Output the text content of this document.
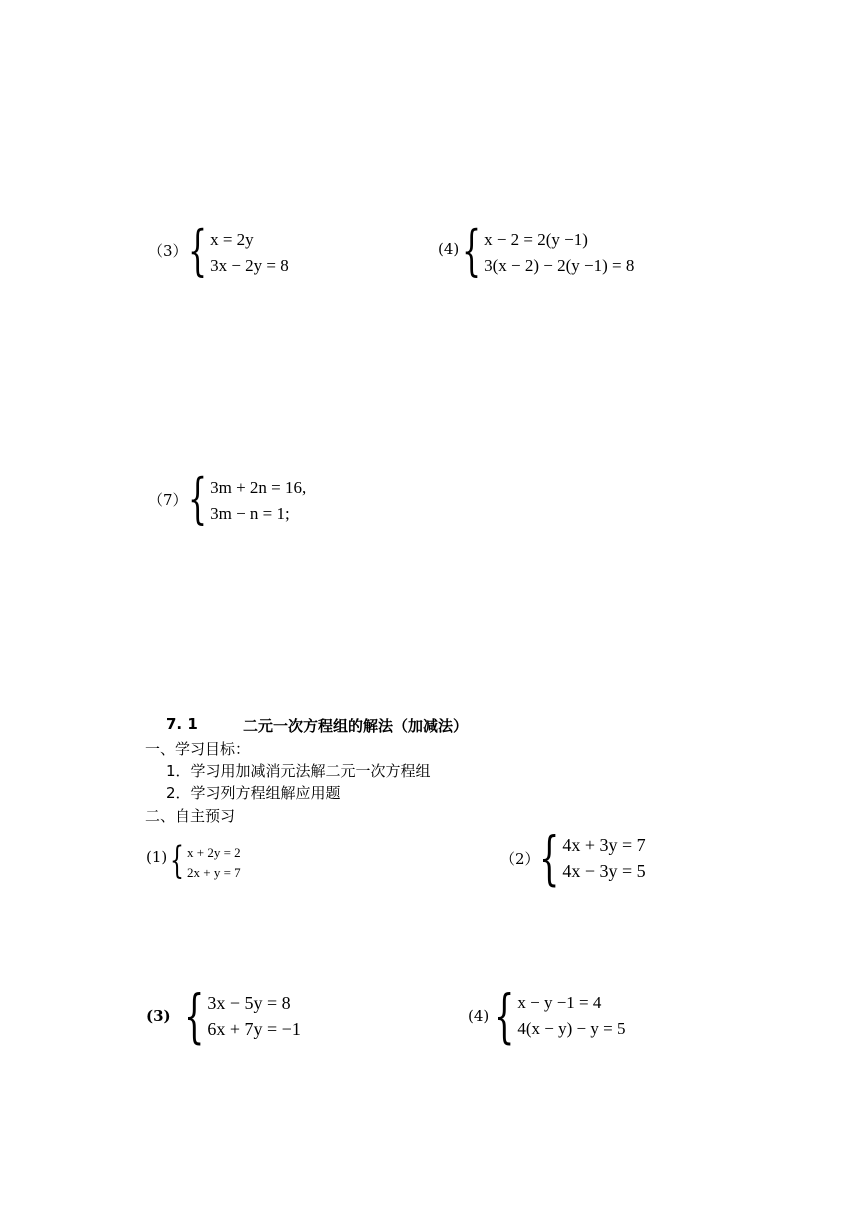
（3） { x = 2y
3x − 2y = 8
(4) { x − 2 = 2(y −1)
3(x − 2) − 2(y −1) = 8
（7） { 3m + 2n = 16,
3m − n = 1;
7. 1	二元一次方程组的解法（加减法）
一、学习目标：
1．学习用加减消元法解二元一次方程组
2．学习列方程组解应用题
二、自主预习
(1) { x + 2y = 2
2x + y = 7
（2） { 4x + 3y = 7
4x − 3y = 5
(3) { 3x − 5y = 8
6x + 7y = −1
(4) { x − y −1 = 4
4(x − y) − y = 5
